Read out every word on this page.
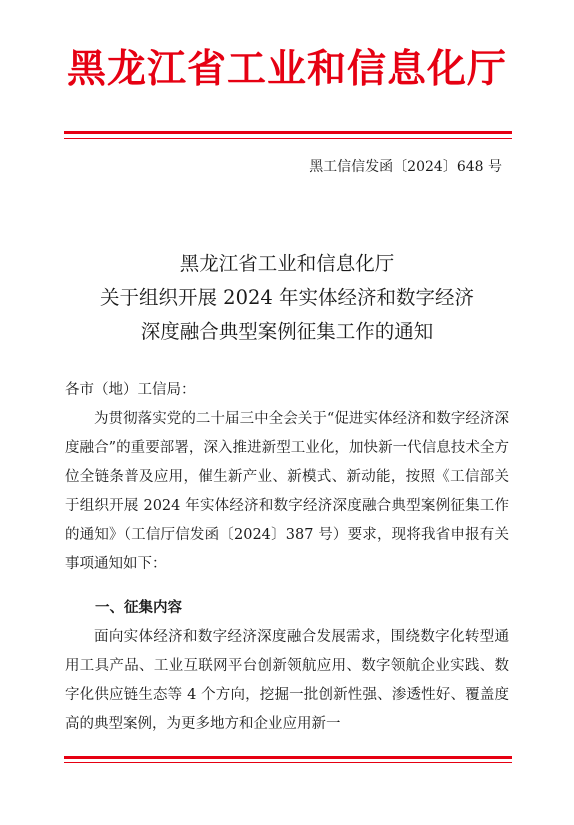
黑龙江省工业和信息化厅
黑工信信发函〔2024〕648 号
黑龙江省工业和信息化厅
关于组织开展 2024 年实体经济和数字经济
深度融合典型案例征集工作的通知
各市（地）工信局：
为贯彻落实党的二十届三中全会关于“促进实体经济和数字经济深度融合”的重要部署，深入推进新型工业化，加快新一代信息技术全方位全链条普及应用，催生新产业、新模式、新动能，按照《工信部关于组织开展 2024 年实体经济和数字经济深度融合典型案例征集工作的通知》（工信厅信发函〔2024〕387 号）要求，现将我省申报有关事项通知如下：
一、征集内容
面向实体经济和数字经济深度融合发展需求，围绕数字化转型通用工具产品、工业互联网平台创新领航应用、数字领航企业实践、数字化供应链生态等 4 个方向，挖掘一批创新性强、渗透性好、覆盖度高的典型案例，为更多地方和企业应用新一
